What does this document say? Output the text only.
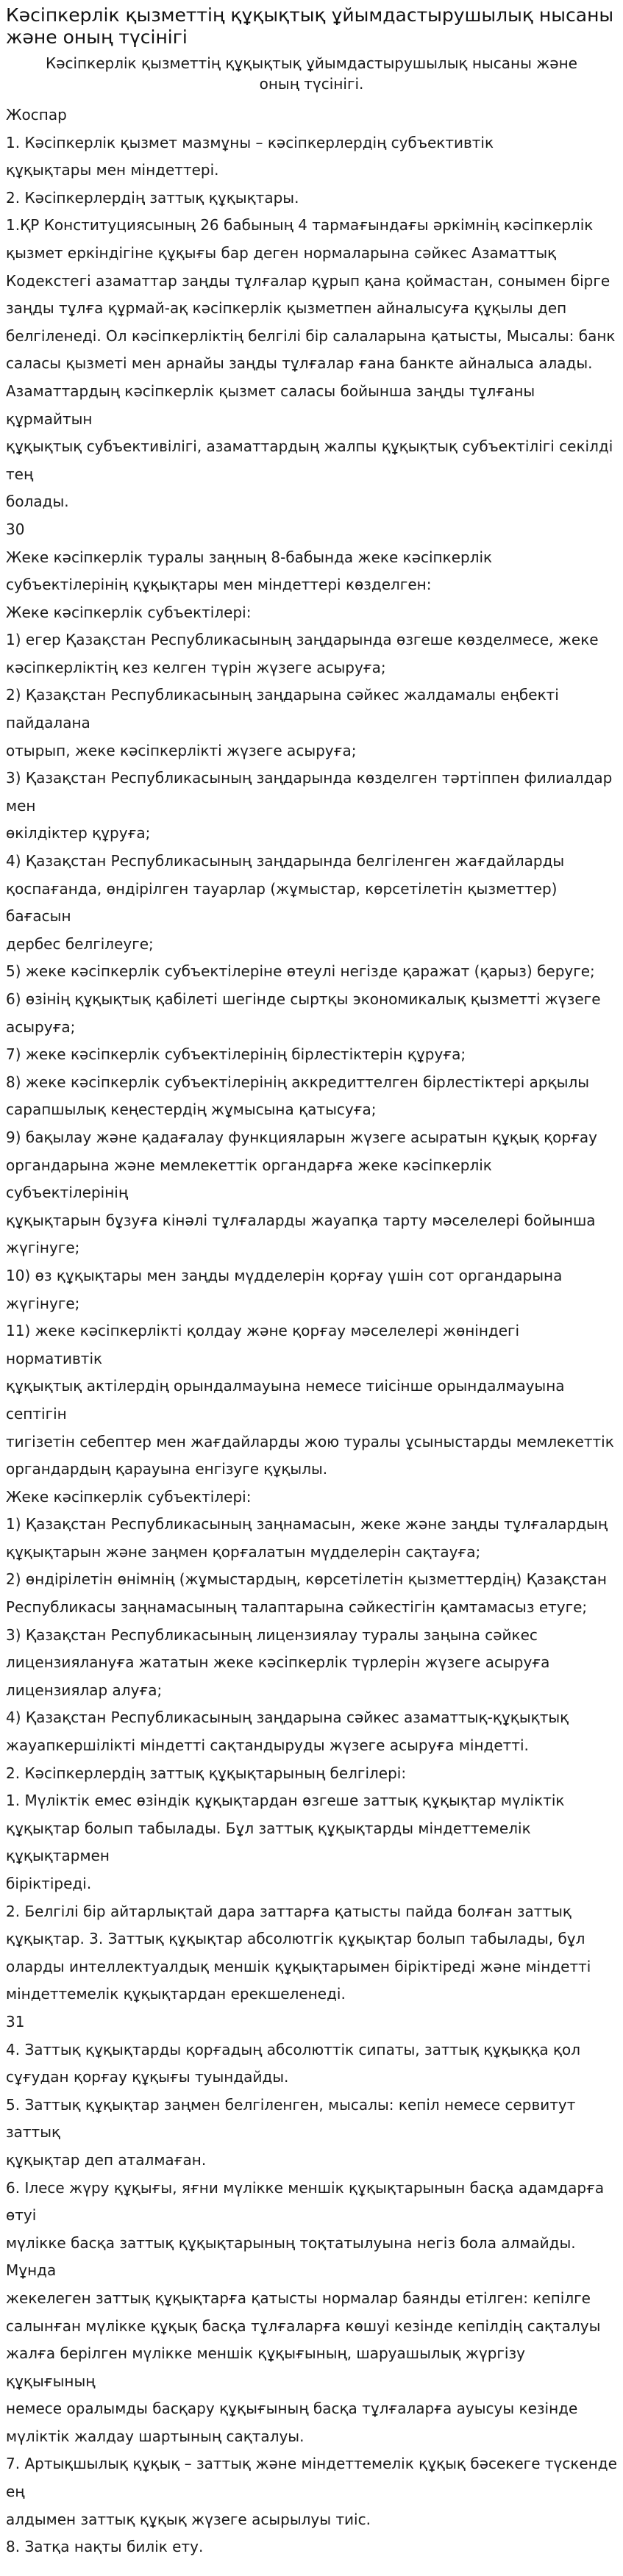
Кәсіпкерлік қызметтің құқықтық ұйымдастырушылық нысаны және оның түсінігі

Кәсіпкерлік қызметтің құқықтық ұйымдастырушылық нысаны және оның түсінігі.

Жоспар

1. Кәсіпкерлік қызмет мазмұны – кәсіпкерлердің субъективтік

құқықтары мен міндеттері.

2. Кәсіпкерлердің заттық құқықтары.

1.ҚР Конституциясының 26 бабының 4 тармағындағы әркімнің кәсіпкерлік

қызмет еркіндігіне құқығы бар деген нормаларына сәйкес Азаматтық

Кодекстегі азаматтар заңды тұлғалар құрып қана қоймастан, сонымен бірге

заңды тұлға құрмай-ақ кәсіпкерлік қызметпен айналысуға құқылы деп

белгіленеді. Ол кәсіпкерліктің белгілі бір салаларына қатысты, Мысалы: банк

саласы қызметі мен арнайы заңды тұлғалар ғана банкте айналыса алады.

Азаматтардың кәсіпкерлік қызмет саласы бойынша заңды тұлғаны құрмайтын

құқықтық субъективілігі, азаматтардың жалпы құқықтық субъектілігі секілді тең

болады.

30

Жеке кәсіпкерлік туралы заңның 8-бабында жеке кәсіпкерлік

субъектілерінің құқықтары мен міндеттері көзделген:

Жеке кәсіпкерлік субъектілері:

1) егер Қазақстан Республикасының заңдарында өзгеше көзделмесе, жеке

кәсіпкерліктің кез келген түрін жүзеге асыруға;

2) Қазақстан Республикасының заңдарына сәйкес жалдамалы еңбекті пайдалана

отырып, жеке кәсіпкерлікті жүзеге асыруға;

3) Қазақстан Республикасының заңдарында көзделген тәртіппен филиалдар мен

өкілдіктер құруға;

4) Қазақстан Республикасының заңдарында белгіленген жағдайларды

қоспағанда, өндірілген тауарлар (жұмыстар, көрсетілетін қызметтер) бағасын

дербес белгілеуге;

5) жеке кәсіпкерлік субъектілеріне өтеулі негізде қаражат (қарыз) беруге;

6) өзінің құқықтық қабілеті шегінде сыртқы экономикалық қызметті жүзеге

асыруға;

7) жеке кәсіпкерлік субъектілерінің бірлестіктерін құруға;

8) жеке кәсіпкерлік субъектілерінің аккредиттелген бірлестіктері арқылы

сарапшылық кеңестердің жұмысына қатысуға;

9) бақылау және қадағалау функцияларын жүзеге асыратын құқық қорғау

органдарына және мемлекеттік органдарға жеке кәсіпкерлік субъектілерінің

құқықтарын бұзуға кінәлі тұлғаларды жауапқа тарту мәселелері бойынша

жүгінуге;

10) өз құқықтары мен заңды мүдделерін қорғау үшін сот органдарына жүгінуге;

11) жеке кәсіпкерлікті қолдау және қорғау мәселелері жөніндегі нормативтік

құқықтық актілердің орындалмауына немесе тиісінше орындалмауына септігін

тигізетін себептер мен жағдайларды жою туралы ұсыныстарды мемлекеттік

органдардың қарауына енгізуге құқылы.

Жеке кәсіпкерлік субъектілері:

1) Қазақстан Республикасының заңнамасын, жеке және заңды тұлғалардың

құқықтарын және заңмен қорғалатын мүдделерін сақтауға;

2) өндірілетін өнімнің (жұмыстардың, көрсетілетін қызметтердің) Қазақстан

Республикасы заңнамасының талаптарына сәйкестігін қамтамасыз етуге;

3) Қазақстан Республикасының лицензиялау туралы заңына сәйкес

лицензиялануға жататын жеке кәсіпкерлік түрлерін жүзеге асыруға

лицензиялар алуға;

4) Қазақстан Республикасының заңдарына сәйкес азаматтық-құқықтық

жауапкершілікті міндетті сақтандыруды жүзеге асыруға міндетті.

2. Кәсіпкерлердің заттық құқықтарының белгілері:

1. Мүліктік емес өзіндік құқықтардан өзгеше заттық құқықтар мүліктік

құқықтар болып табылады. Бұл заттық құқықтарды міндеттемелік құқықтармен

біріктіреді.

2. Белгілі бір айтарлықтай дара заттарға қатысты пайда болған заттық

құқықтар. 3. Заттық құқықтар абсолютгік құқықтар болып табылады, бұл

оларды интеллектуалдық меншік құқықтарымен біріктіреді және міндетті

міндеттемелік құқықтардан ерекшеленеді.

31

4. Заттық құқықтарды қорғадың абсолюттік сипаты, заттық құқыққа қол

сұғудан қорғау құқығы туындайды.

5. Заттық құқықтар заңмен белгіленген, мысалы: кепіл немесе сервитут заттық

құқықтар деп аталмаған.

6. Ілесе жүру құқығы, яғни мүлікке меншік құқықтарынын басқа адамдарға өтуі

мүлікке басқа заттық құқықтарының тоқтатылуына негіз бола алмайды. Мұнда

жекелеген заттық құқықтарға қатысты нормалар баянды етілген: кепілге

салынған мүлікке құқық басқа тұлғаларға көшуі кезінде кепілдің сақталуы

жалға берілген мүлікке меншік құқығының, шаруашылық жүргізу құқығының

немесе оралымды басқару құқығының басқа тұлғаларға ауысуы кезінде

мүліктік жалдау шартының сақталуы.

7. Артықшылық құқық – заттық және міндеттемелік құқық бәсекеге түскенде ең

алдымен заттық құқық жүзеге асырылуы тиіс.

8. Затқа нақты билік ету.
